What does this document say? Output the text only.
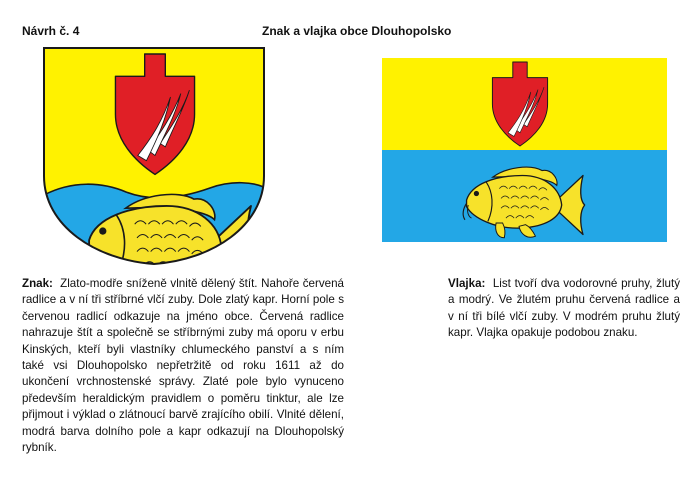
Návrh č. 4	Znak a vlajka obce Dlouhopolsko

Znak: Zlato-modře sníženě vlnitě dělený štít. Nahoře červená radlice a v ní tři stříbrné vlčí zuby. Dole zlatý kapr. Horní pole s červenou radlicí odkazuje na jméno obce. Červená radlice nahrazuje štít a společně se stříbrnými zuby má oporu v erbu Kinských, kteří byli vlastníky chlumeckého panství a s ním také vsi Dlouhopolsko nepřetržitě od roku 1611 až do ukončení vrchnostenské správy. Zlaté pole bylo vynuceno především heraldickým pravidlem o poměru tinktur, ale lze přijmout i výklad o zlátnoucí barvě zrajícího obilí. Vlnité dělení, modrá barva dolního pole a kapr odkazují na Dlouhopolský rybník.

Vlajka: List tvoří dva vodorovné pruhy, žlutý a modrý. Ve žlutém pruhu červená radlice a v ní tři bílé vlčí zuby. V modrém pruhu žlutý kapr. Vlajka opakuje podobou znaku.
